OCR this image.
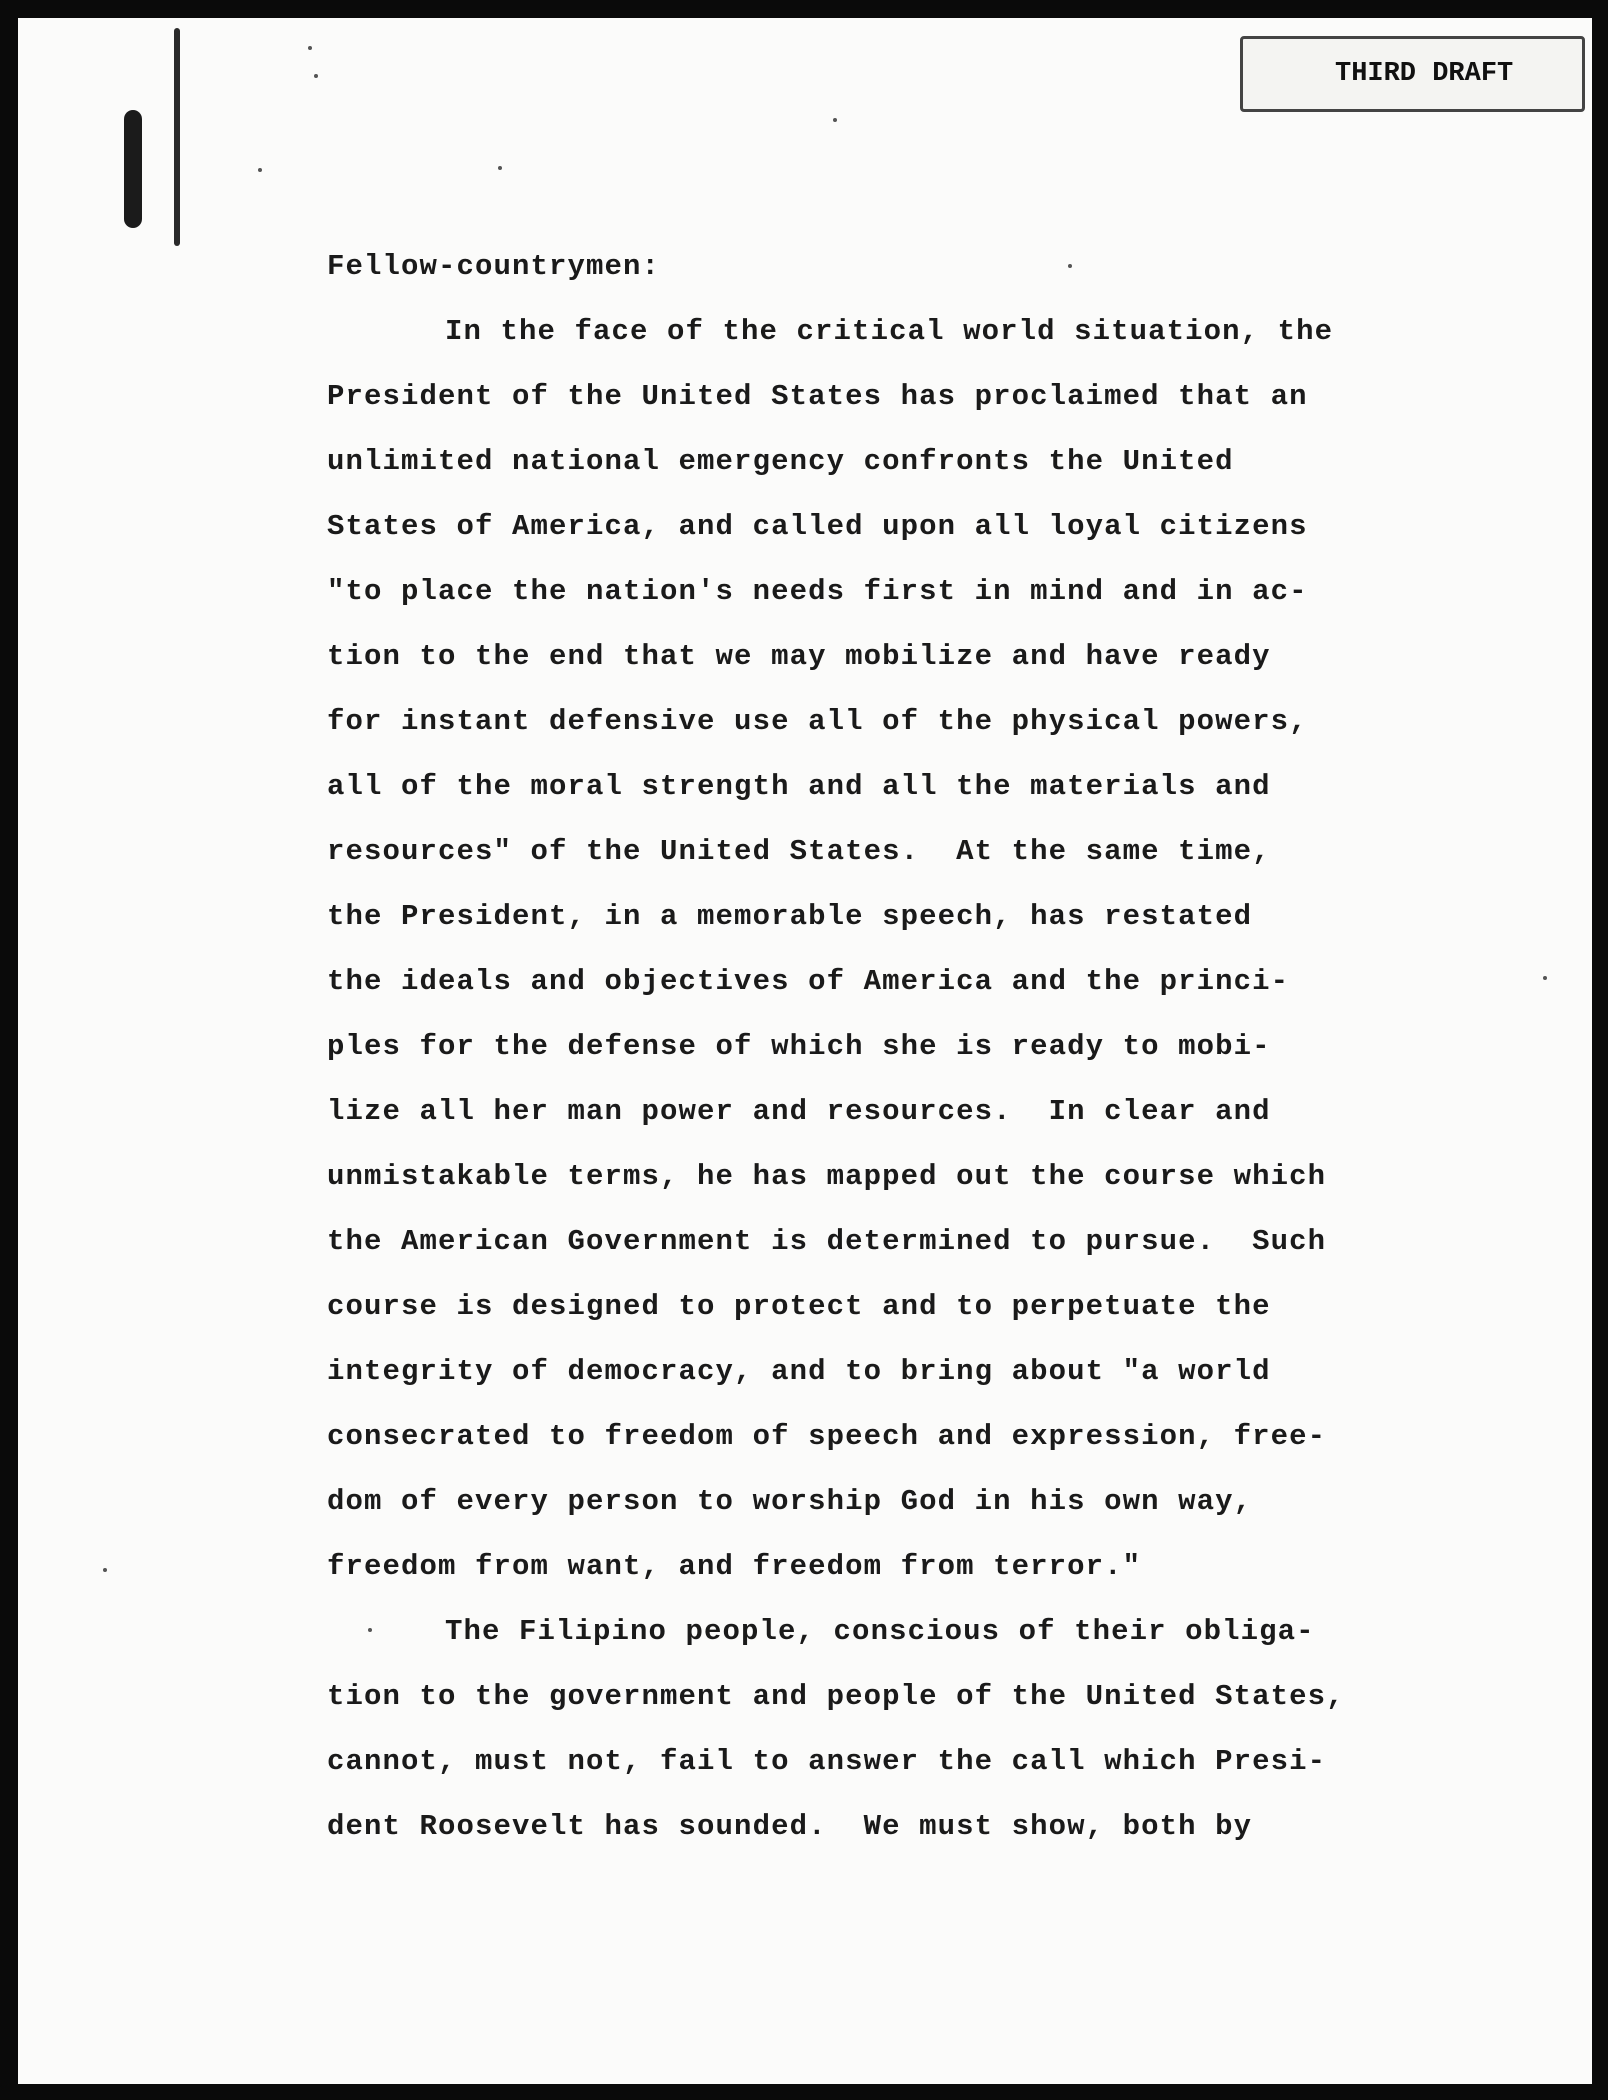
THIRD DRAFT
Fellow-countrymen:
In the face of the critical world situation, the
President of the United States has proclaimed that an
unlimited national emergency confronts the United
States of America, and called upon all loyal citizens
"to place the nation's needs first in mind and in ac-
tion to the end that we may mobilize and have ready
for instant defensive use all of the physical powers,
all of the moral strength and all the materials and
resources" of the United States.  At the same time,
the President, in a memorable speech, has restated
the ideals and objectives of America and the princi-
ples for the defense of which she is ready to mobi-
lize all her man power and resources.  In clear and
unmistakable terms, he has mapped out the course which
the American Government is determined to pursue.  Such
course is designed to protect and to perpetuate the
integrity of democracy, and to bring about "a world
consecrated to freedom of speech and expression, free-
dom of every person to worship God in his own way,
freedom from want, and freedom from terror."
The Filipino people, conscious of their obliga-
tion to the government and people of the United States,
cannot, must not, fail to answer the call which Presi-
dent Roosevelt has sounded.  We must show, both by
